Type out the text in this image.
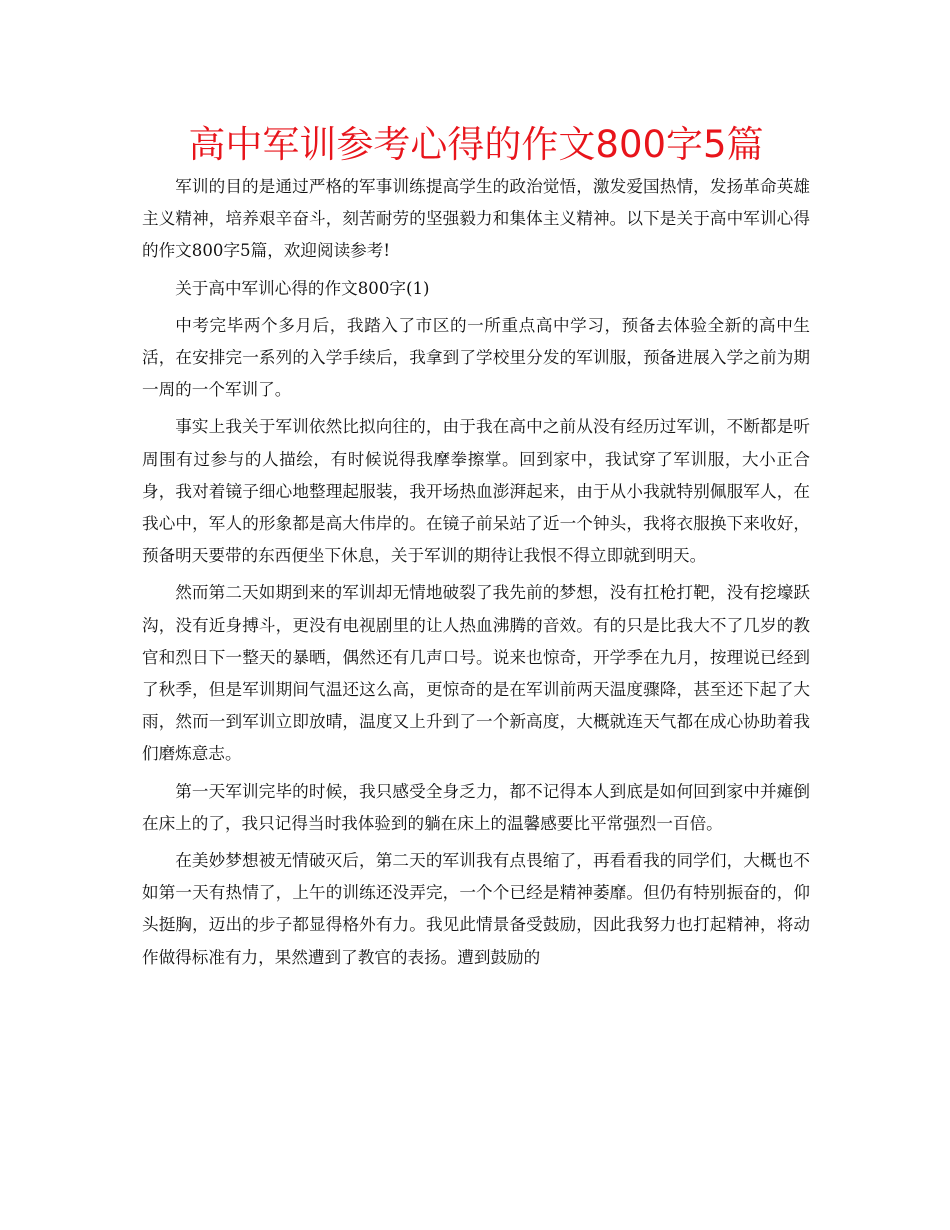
高中军训参考心得的作文800字5篇

军训的目的是通过严格的军事训练提高学生的政治觉悟，激发爱国热情，发扬革命英雄主义精神，培养艰辛奋斗，刻苦耐劳的坚强毅力和集体主义精神。以下是关于高中军训心得的作文800字5篇，欢迎阅读参考!

关于高中军训心得的作文800字(1)

中考完毕两个多月后，我踏入了市区的一所重点高中学习，预备去体验全新的高中生活，在安排完一系列的入学手续后，我拿到了学校里分发的军训服，预备进展入学之前为期一周的一个军训了。

事实上我关于军训依然比拟向往的，由于我在高中之前从没有经历过军训，不断都是听周围有过参与的人描绘，有时候说得我摩拳擦掌。回到家中，我试穿了军训服，大小正合身，我对着镜子细心地整理起服装，我开场热血澎湃起来，由于从小我就特别佩服军人，在我心中，军人的形象都是高大伟岸的。在镜子前呆站了近一个钟头，我将衣服换下来收好，预备明天要带的东西便坐下休息，关于军训的期待让我恨不得立即就到明天。

然而第二天如期到来的军训却无情地破裂了我先前的梦想，没有扛枪打靶，没有挖壕跃沟，没有近身搏斗，更没有电视剧里的让人热血沸腾的音效。有的只是比我大不了几岁的教官和烈日下一整天的暴晒，偶然还有几声口号。说来也惊奇，开学季在九月，按理说已经到了秋季，但是军训期间气温还这么高，更惊奇的是在军训前两天温度骤降，甚至还下起了大雨，然而一到军训立即放晴，温度又上升到了一个新高度，大概就连天气都在成心协助着我们磨炼意志。

第一天军训完毕的时候，我只感受全身乏力，都不记得本人到底是如何回到家中并瘫倒在床上的了，我只记得当时我体验到的躺在床上的温馨感要比平常强烈一百倍。

在美妙梦想被无情破灭后，第二天的军训我有点畏缩了，再看看我的同学们，大概也不如第一天有热情了，上午的训练还没弄完，一个个已经是精神萎靡。但仍有特别振奋的，仰头挺胸，迈出的步子都显得格外有力。我见此情景备受鼓励，因此我努力也打起精神，将动作做得标准有力，果然遭到了教官的表扬。遭到鼓励的
